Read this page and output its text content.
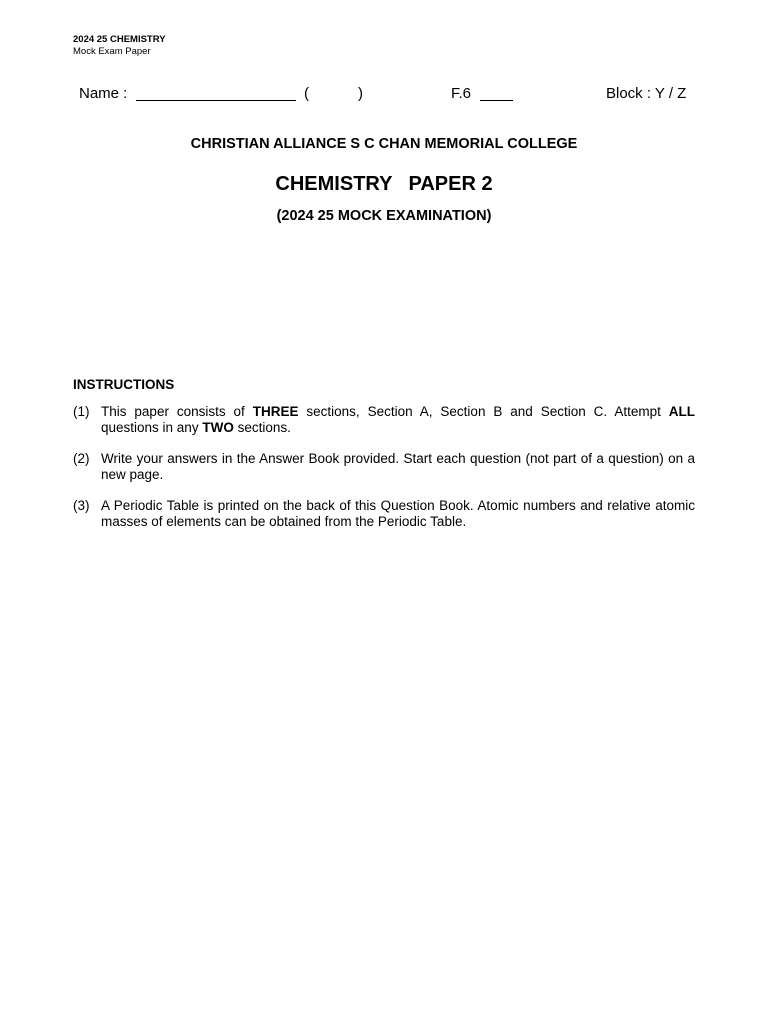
2024 25 CHEMISTRY
Mock Exam Paper
Name :	(	)	F.6	Block : Y / Z
CHRISTIAN ALLIANCE S C CHAN MEMORIAL COLLEGE
CHEMISTRY PAPER 2
(2024 25 MOCK EXAMINATION)
INSTRUCTIONS
(1) This paper consists of THREE sections, Section A, Section B and Section C. Attempt ALL questions in any TWO sections.
(2) Write your answers in the Answer Book provided. Start each question (not part of a question) on a new page.
(3) A Periodic Table is printed on the back of this Question Book. Atomic numbers and relative atomic masses of elements can be obtained from the Periodic Table.
